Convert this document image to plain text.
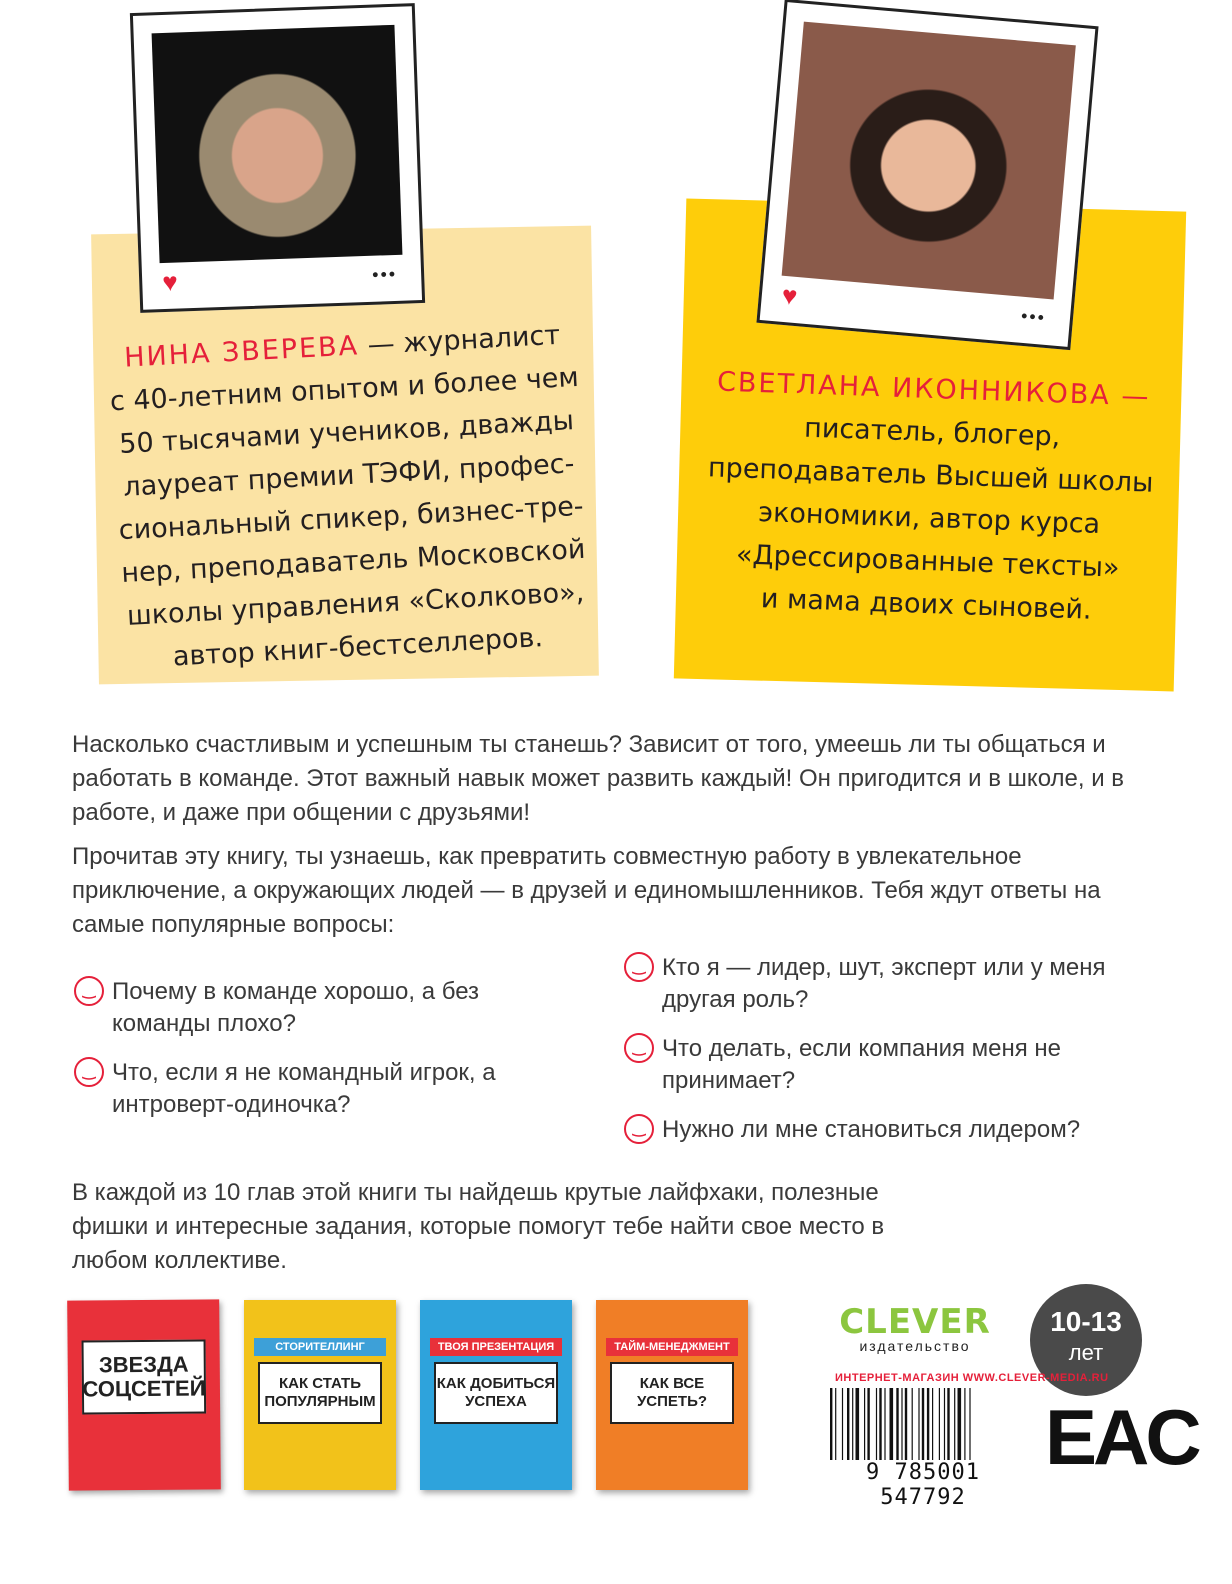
♥	•••
♥
•••
НИНА ЗВЕРЕВА — журналист
с 40-летним опытом и более чем
50 тысячами учеников, дважды
лауреат премии ТЭФИ, профес-
сиональный спикер, бизнес-тре-
нер, преподаватель Московской
школы управления «Сколково»,
автор книг-бестселлеров.
СВЕТЛАНА ИКОННИКОВА —
писатель, блогер,
преподаватель Высшей школы
экономики, автор курса
«Дрессированные тексты»
и мама двоих сыновей.
Насколько счастливым и успешным ты станешь? Зависит от того, умеешь ли ты общаться и работать в команде. Этот важный навык может развить каждый! Он пригодится и в школе, и в работе, и даже при общении с друзьями!
Прочитав эту книгу, ты узнаешь, как превратить совместную работу в увлекательное приключение, а окружающих людей — в друзей и единомышленников. Тебя ждут ответы на самые популярные вопросы:
‿ Почему в команде хорошо, а без команды плохо?
‿ Что, если я не командный игрок, а интроверт-одиночка?
‿ Кто я — лидер, шут, эксперт или у меня другая роль?
‿ Что делать, если компания меня не принимает?
‿ Нужно ли мне становиться лидером?
В каждой из 10 глав этой книги ты найдешь крутые лайфхаки, полезные фишки и интересные задания, которые помогут тебе найти свое место в любом коллективе.
ЗВЕЗДА СОЦСЕТЕЙ
СТОРИТЕЛЛИНГ
КАК СТАТЬ ПОПУЛЯРНЫМ
ТВОЯ ПРЕЗЕНТАЦИЯ
КАК ДОБИТЬСЯ УСПЕХА
ТАЙМ-МЕНЕДЖМЕНТ
КАК ВСЕ УСПЕТЬ?
CLEVER
издательство
10-13
лет
ИНТЕРНЕТ-МАГАЗИН WWW.CLEVER-MEDIA.RU
9 785001 547792
EAC
